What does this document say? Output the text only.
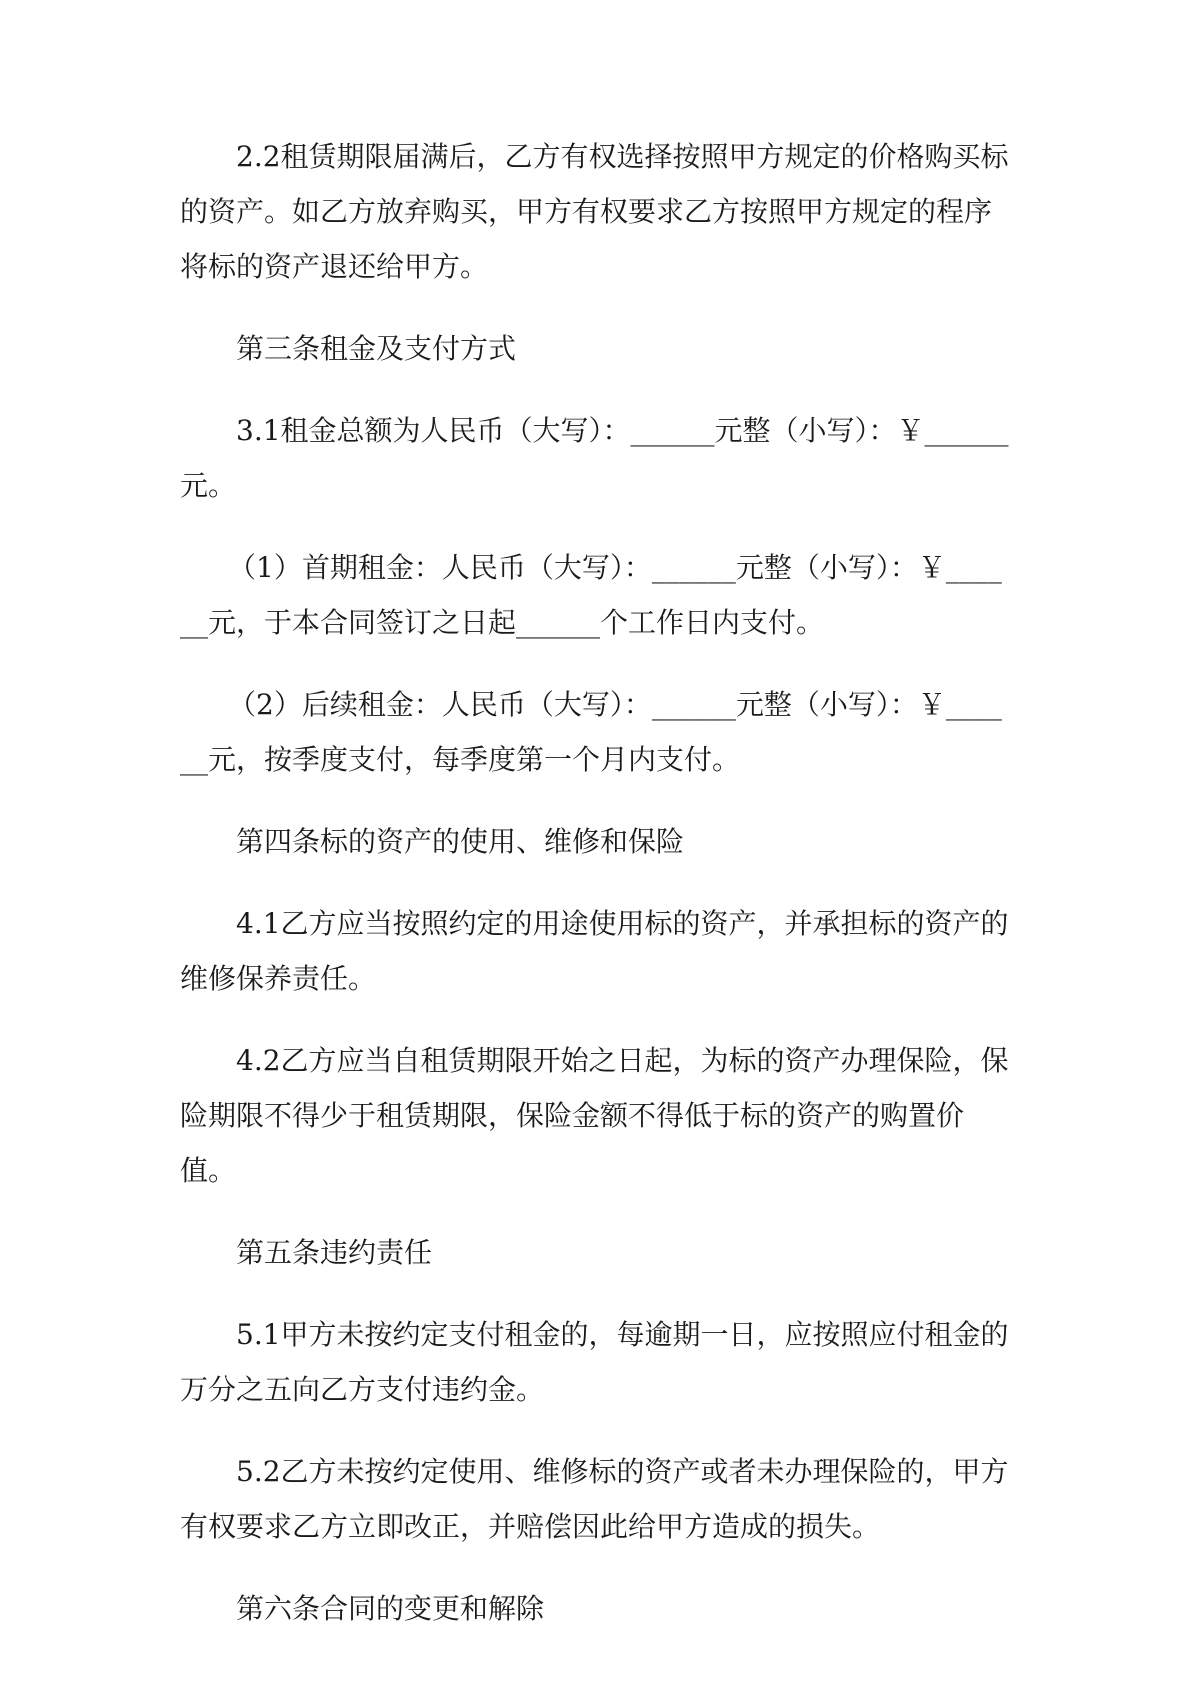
2.2租赁期限届满后，乙方有权选择按照甲方规定的价格购买标的资产。如乙方放弃购买，甲方有权要求乙方按照甲方规定的程序将标的资产退还给甲方。

第三条租金及支付方式

3.1租金总额为人民币（大写）：______元整（小写）：￥______元。

（1）首期租金：人民币（大写）：______元整（小写）：￥______元，于本合同签订之日起______个工作日内支付。

（2）后续租金：人民币（大写）：______元整（小写）：￥______元，按季度支付，每季度第一个月内支付。

第四条标的资产的使用、维修和保险

4.1乙方应当按照约定的用途使用标的资产，并承担标的资产的维修保养责任。

4.2乙方应当自租赁期限开始之日起，为标的资产办理保险，保险期限不得少于租赁期限，保险金额不得低于标的资产的购置价值。

第五条违约责任

5.1甲方未按约定支付租金的，每逾期一日，应按照应付租金的万分之五向乙方支付违约金。

5.2乙方未按约定使用、维修标的资产或者未办理保险的，甲方有权要求乙方立即改正，并赔偿因此给甲方造成的损失。

第六条合同的变更和解除
